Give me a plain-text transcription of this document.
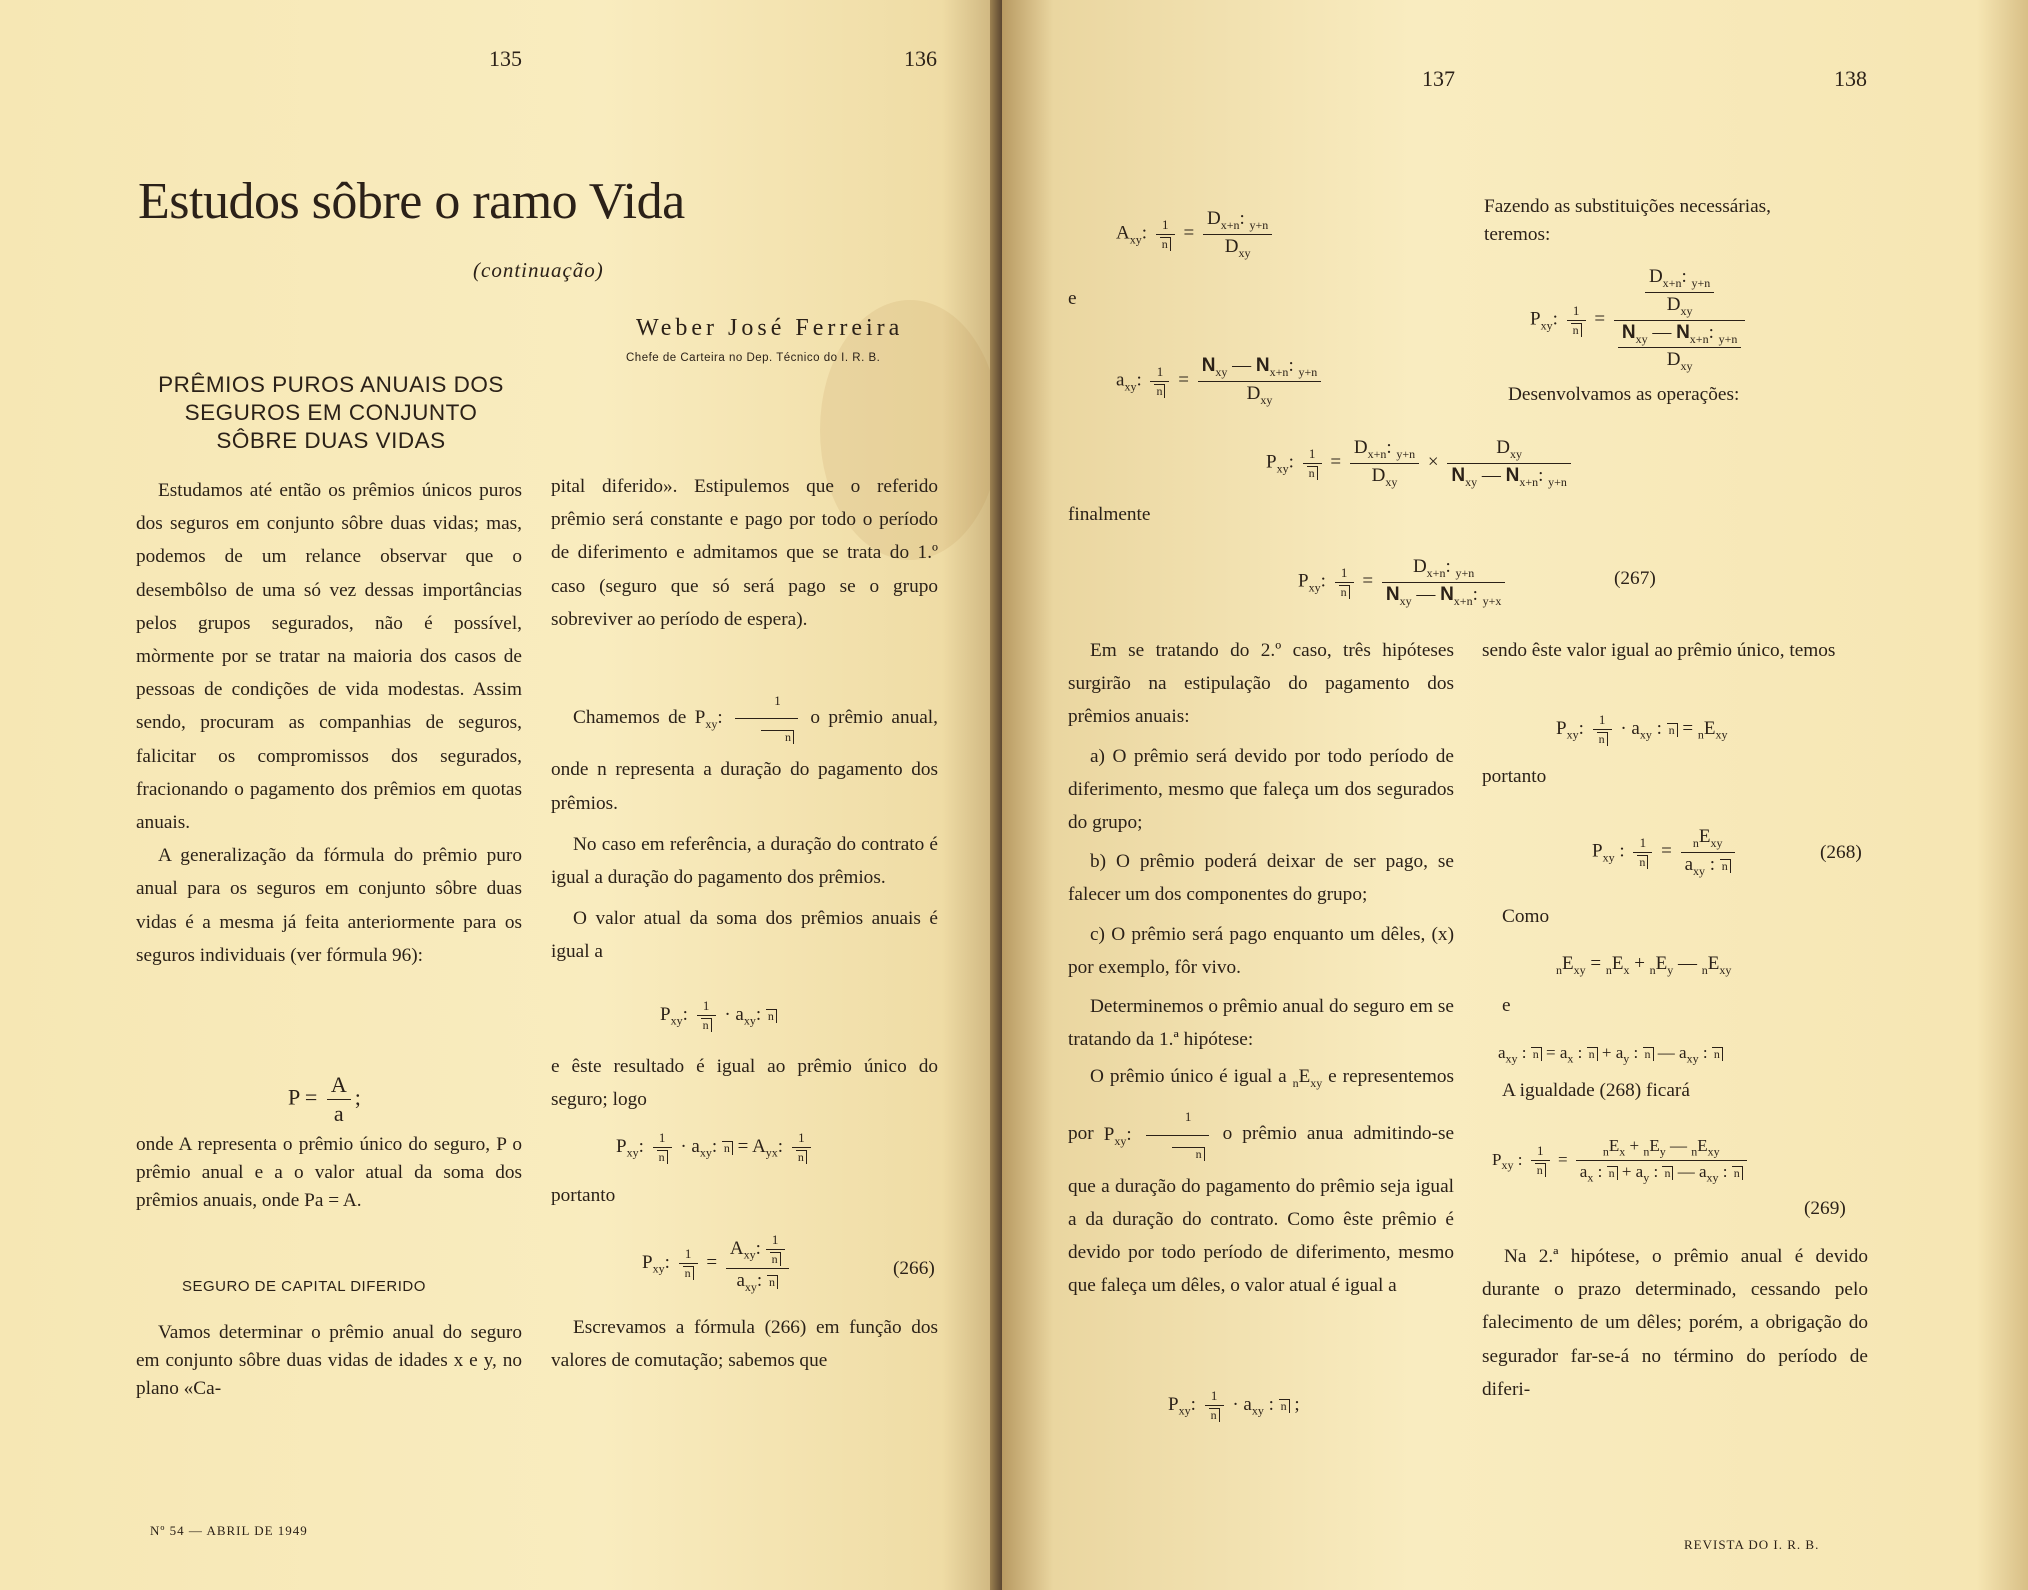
135	136
Estudos sôbre o ramo Vida
(continuação)
Weber José Ferreira
Chefe de Carteira no Dep. Técnico do I. R. B.
PRÊMIOS PUROS ANUAIS DOS
SEGUROS EM CONJUNTO
SÔBRE DUAS VIDAS

Estudamos até então os prêmios únicos puros dos seguros em conjunto sôbre duas vidas; mas, podemos de um relance observar que o desembôlso de uma só vez dessas importâncias pelos grupos segurados, não é possível, mòrmente por se tratar na maioria dos casos de pessoas de condições de vida modestas. Assim sendo, procuram as companhias de seguros, falicitar os compromissos dos segurados, fracionando o pagamento dos prêmios em quotas anuais.

A generalização da fórmula do prêmio puro anual para os seguros em conjunto sôbre duas vidas é a mesma já feita anteriormente para os seguros individuais (ver fórmula 96):

$P = \frac{A}{a}$ ;

onde A representa o prêmio único do seguro, P o prêmio anual e a o valor atual da soma dos prêmios anuais, onde Pa = A.

SEGURO DE CAPITAL DIFERIDO

Vamos determinar o prêmio anual do seguro em conjunto sôbre duas vidas de idades x e y, no plano «Ca-

pital diferido». Estipulemos que o referido prêmio será constante e pago por todo o período de diferimento e admitamos que se trata do 1.º caso (seguro que só será pago se o grupo sobreviver ao período de espera).

Chamemos de $P_{xy}$: $\frac{1}{n}$ o prêmio anual, onde n representa a duração do pagamento dos prêmios.

No caso em referência, a duração do contrato é igual a duração do pagamento dos prêmios.

O valor atual da soma dos prêmios anuais é igual a

$P_{xy}$: $\frac{1}{n} \cdot a_{xy}$: n

e êste resultado é igual ao prêmio único do seguro; logo

$P_{xy}$: $\frac{1}{n} \cdot a_{xy}$: $n = A_{yx}$: $\frac{1}{n}$
portanto
$P_{xy}$: $\frac{1}{n}$ =
$A_{xy}$: $\frac{1}{n}$
$a_{xy}$: n
(266)

Escrevamos a fórmula (266) em função dos valores de comutação; sabemos que

Nº 54 — ABRIL DE 1949
137	138
$A_{xy}$: $\frac{1}{n}$ =
$D_{x+n}$: $_{y+n}$
$D_{xy}$
e
$a_{xy}$: $\frac{1}{n}$ =
$N_{xy}$ — $N_{x+n}$: $_{y+n}$
$D_{xy}$
$P_{xy}$: $\frac{1}{n}$ =
$D_{x+n}$: $_{y+n}$
$D_{xy}$
×
$D_{xy}$
$N_{xy}$ — $N_{x+n}$: $_{y+n}$
finalmente
$P_{xy}$: $\frac{1}{n}$ =
$D_{x+n}$: $_{y+n}$
$N_{xy}$ — $N_{x+n}$: $_{y+x}$
(267)

Em se tratando do 2.º caso, três hipóteses surgirão na estipulação do pagamento dos prêmios anuais:

a) O prêmio será devido por todo período de diferimento, mesmo que faleça um dos segurados do grupo;

b) O prêmio poderá deixar de ser pago, se falecer um dos componentes do grupo;

c) O prêmio será pago enquanto um dêles, (x) por exemplo, fôr vivo.

Determinemos o prêmio anual do seguro em se tratando da 1.ª hipótese:

O prêmio único é igual a $_nE_{xy}$ e representemos por $P_{xy}$: $\frac{1}{n}$ o prêmio anua admitindo-se que a duração do pagamento do prêmio seja igual a da duração do contrato. Como êste prêmio é devido por todo período de diferimento, mesmo que faleça um dêles, o valor atual é igual a

$P_{xy}$: $\frac{1}{n} \cdot a_{xy}$ : n ;
Fazendo as substituições necessárias,
teremos:
$P_{xy}$: $\frac{1}{n}$ =
$D_{x+n}$: $_{y+n}$
$D_{xy}$
$N_{xy}$ — $N_{x+n}$: $_{y+n}$
$D_{xy}$
Desenvolvamos as operações:

sendo êste valor igual ao prêmio único, temos

$P_{xy}$: $\frac{1}{n} \cdot a_{xy}$ : $n = _nE_{xy}$
portanto
$P_{xy}$ : $\frac{1}{n}$ =	$_nE_{xy}$
$a_{xy}$ : n
(268)
Como
$_nE_{xy} = _nE_x + _nE_y$ — $_nE_{xy}$
e
$a_{xy}$ : $n = a_x$ : $n + a_y$ : n — $a_{xy}$ : n
A igualdade (268) ficará
$P_{xy}$ : $\frac{1}{n}$ =	$_nE_x + _nE_y$ — $_nE_{xy}$
$a_x$ : $n + a_y$ : n — $a_{xy}$ : n
(269)

Na 2.ª hipótese, o prêmio anual é devido durante o prazo determinado, cessando pelo falecimento de um dêles; porém, a obrigação do segurador far-se-á no término do período de diferi-

REVISTA DO I. R. B.
